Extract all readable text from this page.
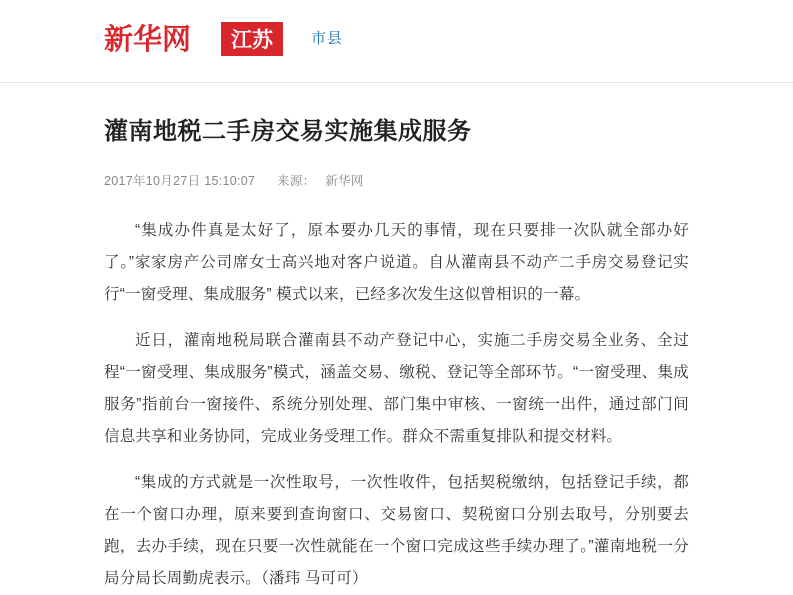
新华网 江苏	市县
灌南地税二手房交易实施集成服务
2017年10月27日 15:10:07 来源： 新华网

“集成办件真是太好了，原本要办几天的事情，现在只要排一次队就全部办好了。”家家房产公司席女士高兴地对客户说道。自从灌南县不动产二手房交易登记实行“一窗受理、集成服务” 模式以来，已经多次发生这似曾相识的一幕。

近日，灌南地税局联合灌南县不动产登记中心，实施二手房交易全业务、全过程“一窗受理、集成服务”模式，涵盖交易、缴税、登记等全部环节。“一窗受理、集成服务”指前台一窗接件、系统分别处理、部门集中审核、一窗统一出件，通过部门间信息共享和业务协同，完成业务受理工作。群众不需重复排队和提交材料。

“集成的方式就是一次性取号，一次性收件，包括契税缴纳，包括登记手续，都在一个窗口办理，原来要到查询窗口、交易窗口、契税窗口分别去取号，分别要去跑，去办手续，现在只要一次性就能在一个窗口完成这些手续办理了。”灌南地税一分局分局长周勤虎表示。（潘玮 马可可）
